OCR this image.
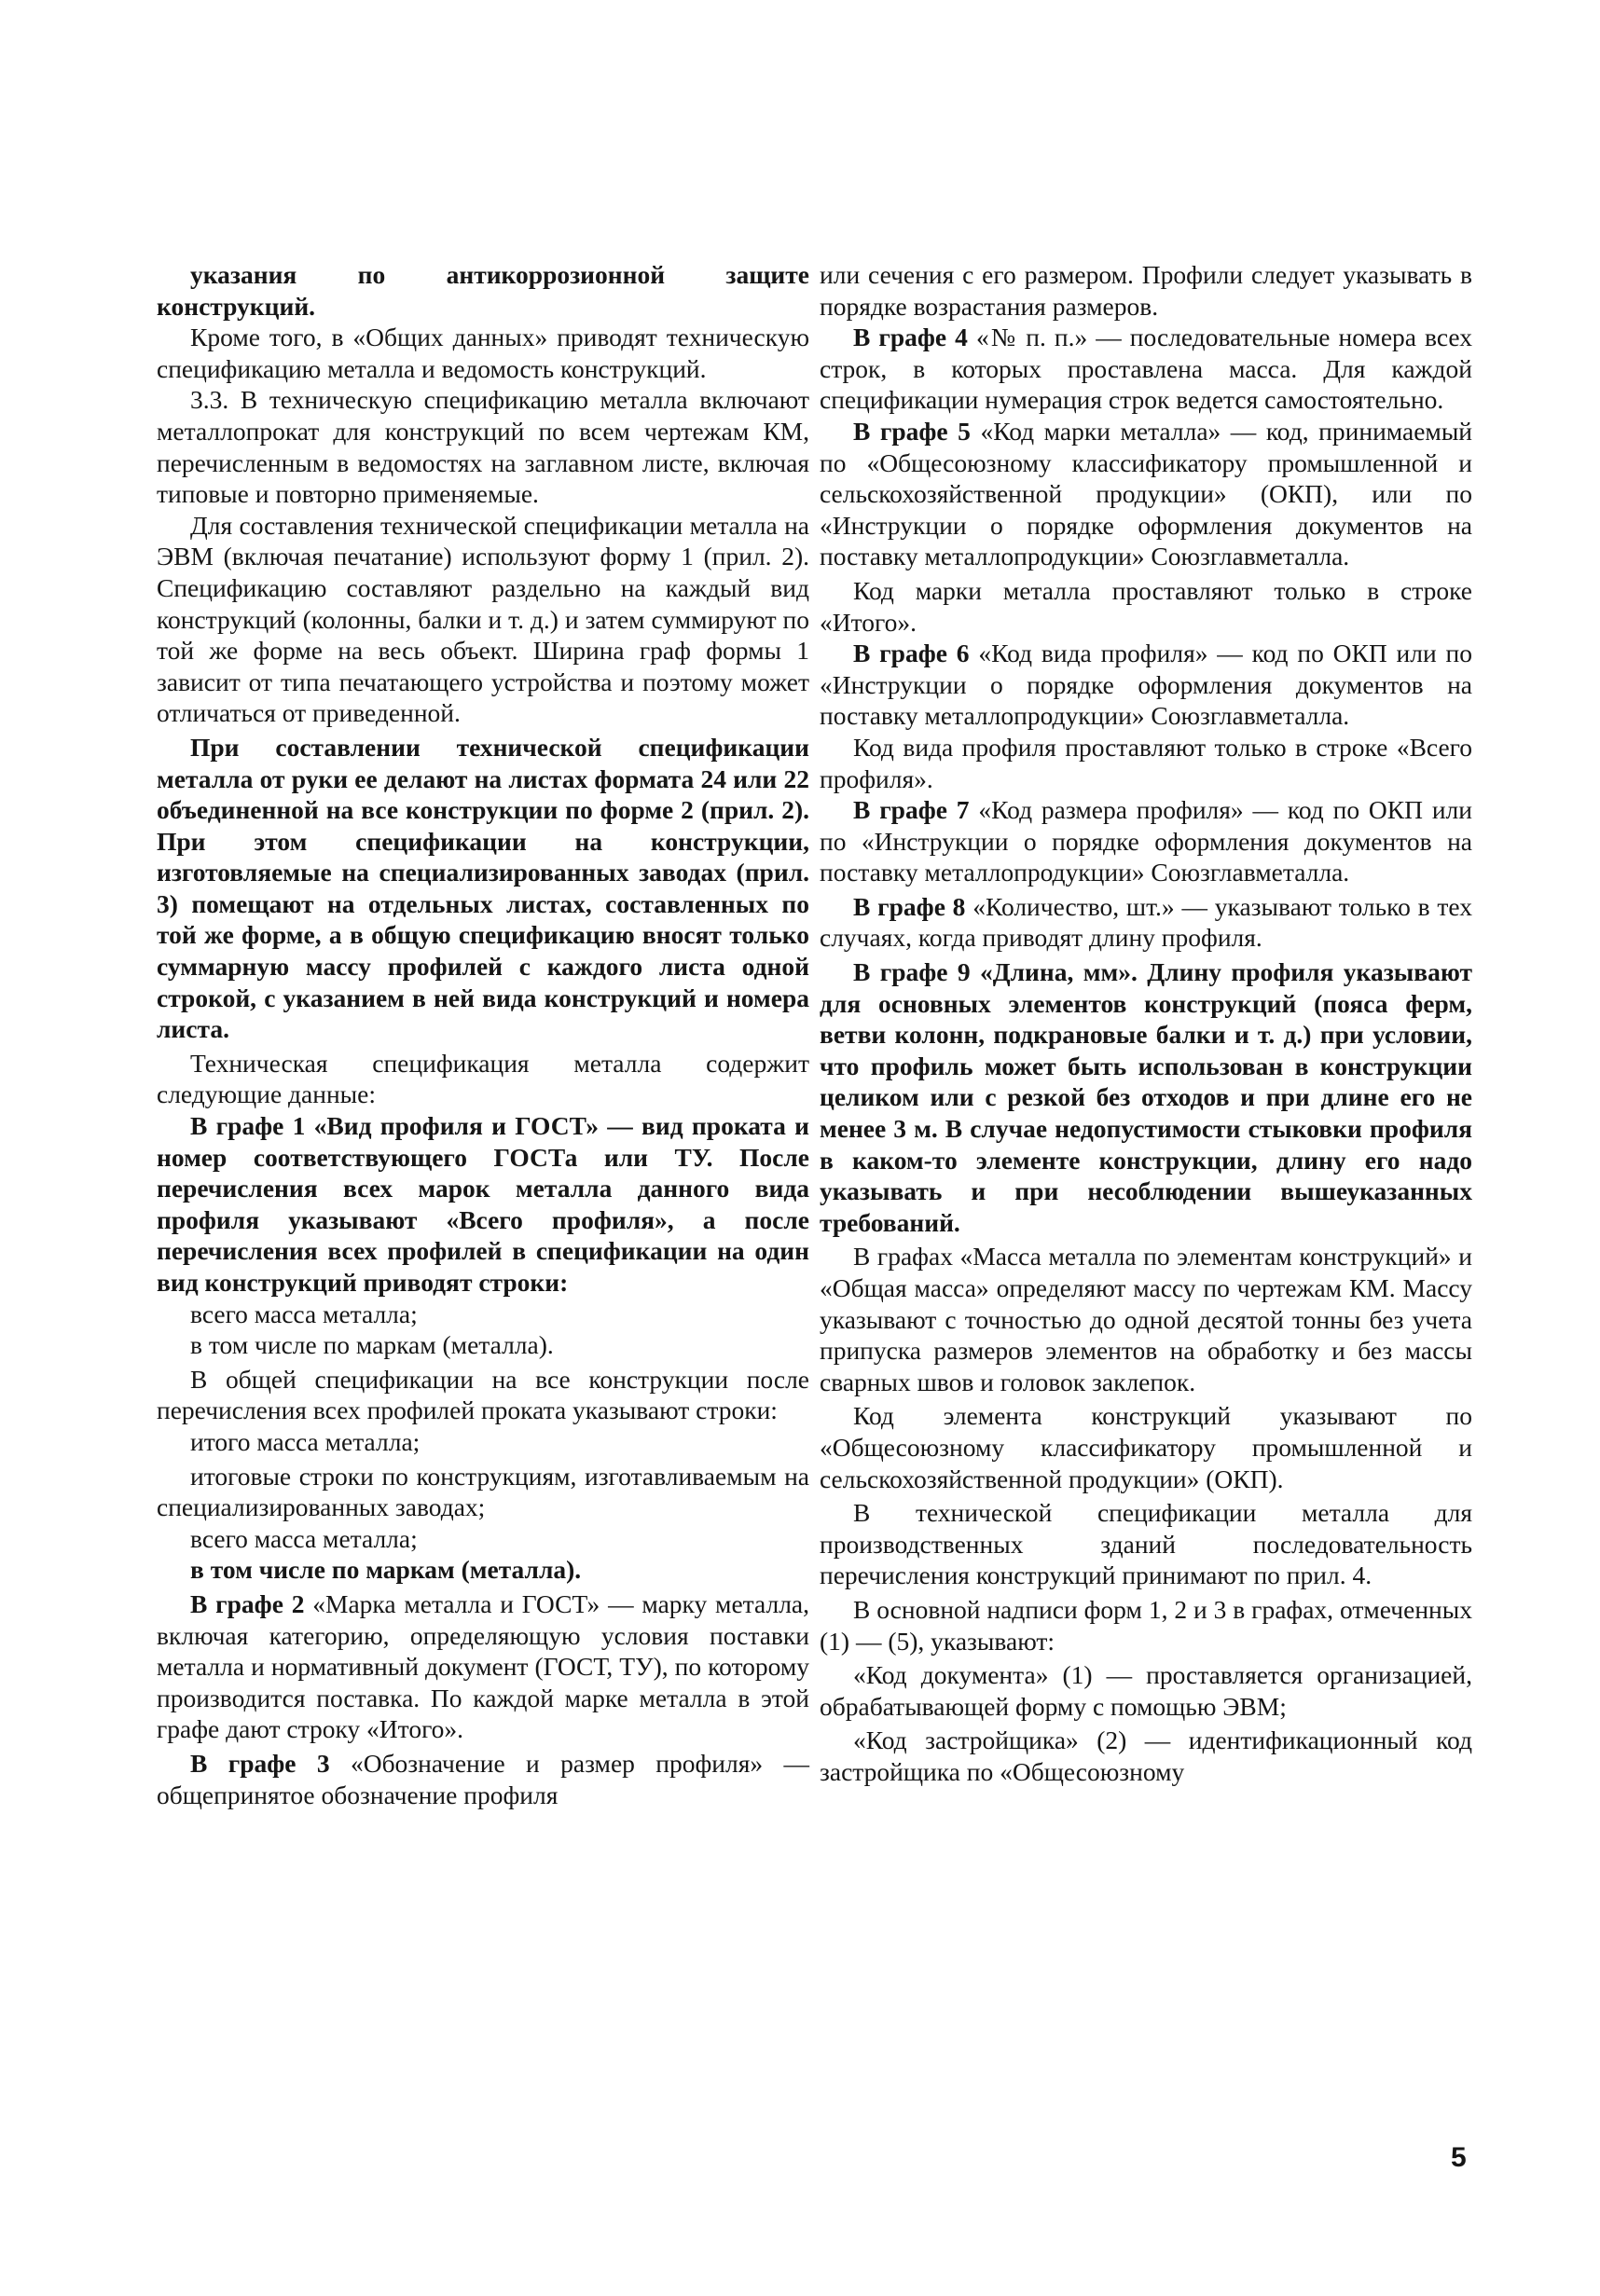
указания по антикоррозионной защите конструкций.

Кроме того, в «Общих данных» приводят техническую спецификацию металла и ведомость конструкций.

3.3. В техническую спецификацию металла включают металлопрокат для конструкций по всем чертежам КМ, перечисленным в ведомостях на заглавном листе, включая типовые и повторно применяемые.

Для составления технической спецификации металла на ЭВМ (включая печатание) используют форму 1 (прил. 2). Спецификацию составляют раздельно на каждый вид конструкций (колонны, балки и т. д.) и затем суммируют по той же форме на весь объект. Ширина граф формы 1 зависит от типа печатающего устройства и поэтому может отличаться от приведенной.

При составлении технической спецификации металла от руки ее делают на листах формата 24 или 22 объединенной на все конструкции по форме 2 (прил. 2). При этом спецификации на конструкции, изготовляемые на специализированных заводах (прил. 3) помещают на отдельных листах, составленных по той же форме, а в общую спецификацию вносят только суммарную массу профилей с каждого листа одной строкой, с указанием в ней вида конструкций и номера листа.

Техническая спецификация металла содержит следующие данные:

В графе 1 «Вид профиля и ГОСТ» — вид проката и номер соответствующего ГОСТа или ТУ. После перечисления всех марок металла данного вида профиля указывают «Всего профиля», а после перечисления всех профилей в спецификации на один вид конструкций приводят строки:

всего масса металла;

в том числе по маркам (металла).

В общей спецификации на все конструкции после перечисления всех профилей проката указывают строки:

итого масса металла;

итоговые строки по конструкциям, изготавливаемым на специализированных заводах;

всего масса металла;

в том числе по маркам (металла).

В графе 2 «Марка металла и ГОСТ» — марку металла, включая категорию, определяющую условия поставки металла и нормативный документ (ГОСТ, ТУ), по которому производится поставка. По каждой марке металла в этой графе дают строку «Итого».

В графе 3 «Обозначение и размер профиля» — общепринятое обозначение профиля

или сечения с его размером. Профили следует указывать в порядке возрастания размеров.

В графе 4 «№ п. п.» — последовательные номера всех строк, в которых проставлена масса. Для каждой спецификации нумерация строк ведется самостоятельно.

В графе 5 «Код марки металла» — код, принимаемый по «Общесоюзному классификатору промышленной и сельскохозяйственной продукции» (ОКП), или по «Инструкции о порядке оформления документов на поставку металлопродукции» Союзглавметалла.

Код марки металла проставляют только в строке «Итого».

В графе 6 «Код вида профиля» — код по ОКП или по «Инструкции о порядке оформления документов на поставку металлопродукции» Союзглавметалла.

Код вида профиля проставляют только в строке «Всего профиля».

В графе 7 «Код размера профиля» — код по ОКП или по «Инструкции о порядке оформления документов на поставку металлопродукции» Союзглавметалла.

В графе 8 «Количество, шт.» — указывают только в тех случаях, когда приводят длину профиля.

В графе 9 «Длина, мм». Длину профиля указывают для основных элементов конструкций (пояса ферм, ветви колонн, подкрановые балки и т. д.) при условии, что профиль может быть использован в конструкции целиком или с резкой без отходов и при длине его не менее 3 м. В случае недопустимости стыковки профиля в каком-то элементе конструкции, длину его надо указывать и при несоблюдении вышеуказанных требований.

В графах «Масса металла по элементам конструкций» и «Общая масса» определяют массу по чертежам КМ. Массу указывают с точностью до одной десятой тонны без учета припуска размеров элементов на обработку и без массы сварных швов и головок заклепок.

Код элемента конструкций указывают по «Общесоюзному классификатору промышленной и сельскохозяйственной продукции» (ОКП).

В технической спецификации металла для производственных зданий последовательность перечисления конструкций принимают по прил. 4.

В основной надписи форм 1, 2 и 3 в графах, отмеченных (1) — (5), указывают:

«Код документа» (1) — проставляется организацией, обрабатывающей форму с помощью ЭВМ;

«Код застройщика» (2) — идентификационный код застройщика по «Общесоюзному

5
